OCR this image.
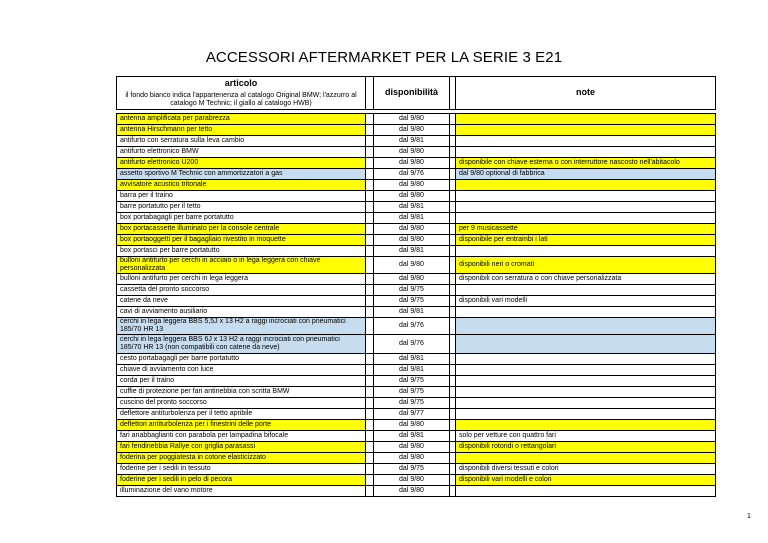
ACCESSORI AFTERMARKET PER LA SERIE 3 E21
articolo
il fondo bianco indica l'appartenenza al catalogo Original BMW; l'azzurro al catalogo M Technic; il giallo al catalogo HWB)		disponibilità		note

antenna amplificata per parabrezza		dal 9/80		
antenna Hirschmann per tetto		dal 9/80		
antifurto con serratura sulla leva cambio		dal 9/81		
antifurto elettronico BMW		dal 9/80		
antifurto elettronico U200		dal 9/80		disponibile con chiave esterna o con interruttore nascosto nell'abitacolo
assetto sportivo M Technic con ammortizzatori a gas		dal 9/76		dal 9/80 optional di fabbrica
avvisatore acustico tritonale		dal 9/80		
barra per il traino		dal 9/80		
barre portatutto per il tetto		dal 9/81		
box portabagagli per barre portatutto		dal 9/81		
box portacassette illuminato per la console centrale		dal 9/80		per 9 musicassette
box portaoggetti per il bagagliaio rivestito in moquette		dal 9/80		disponibile per entrambi i lati
box portasci per barre portatutto		dal 9/81		
bulloni antifurto per cerchi in acciaio o in lega leggera con chiave personalizzata		dal 9/80		disponibili neri o cromati
bulloni antifurto per cerchi in lega leggera		dal 9/80		disponibili con serratura o con chiave personalizzata
cassetta del pronto soccorso		dal 9/75		
catene da neve		dal 9/75		disponibili vari modelli
cavi di avviamento ausiliario		dal 9/81		
cerchi in lega leggera BBS 5,5J x 13 H2 a raggi incrociati con pneumatici 185/70 HR 13		dal 9/76		
cerchi in lega leggera BBS 6J x 13 H2 a raggi incrociati con pneumatici 185/70 HR 13 (non compatibili con catene da neve)		dal 9/76		
cesto portabagagli per barre portatutto		dal 9/81		
chiave di avviamento con luce		dal 9/81		
corda per il traino		dal 9/75		
cuffie di protezione per fari antinebbia con scritta BMW		dal 9/75		
cuscino del pronto soccorso		dal 9/75		
deflettore antiturbolenza per il tetto apribile		dal 9/77		
deflettori antiturbolenza per i finestrini delle porte		dal 9/80		
fari anabbaglianti con parabola per lampadina bifocale		dal 9/81		solo per vetture con quattro fari
fari fendinebbia Rallye con griglia parasassi		dal 9/80		disponibili rotondi o rettangolari
foderina per poggiatesta in cotone elasticizzato		dal 9/80		
foderine per i sedili in tessuto		dal 9/75		disponibili diversi tessuti e colori
foderine per i sedili in pelo di pecora		dal 9/80		disponibili vari modelli e colori
illuminazione del vano motore		dal 9/80		
1
